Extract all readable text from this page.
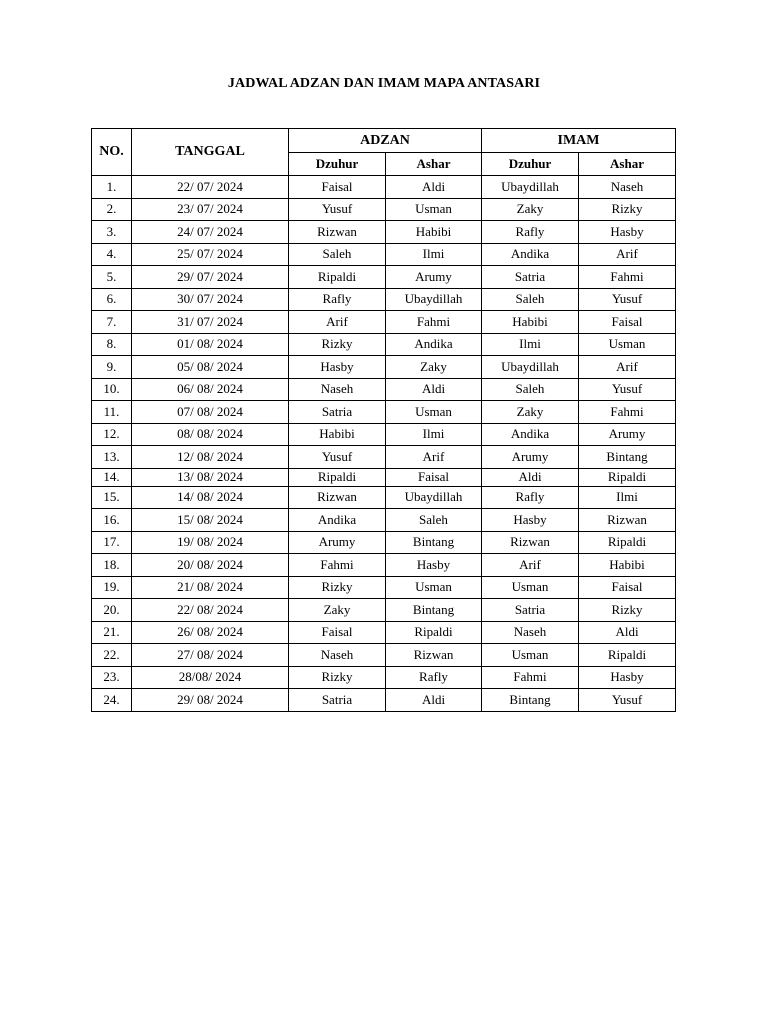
JADWAL ADZAN DAN IMAM MAPA ANTASARI
NO.	TANGGAL	ADZAN		IMAM	
		Dzuhur	Ashar	Dzuhur	Ashar
1.	22/ 07/ 2024	Faisal	Aldi	Ubaydillah	Naseh
2.	23/ 07/ 2024	Yusuf	Usman	Zaky	Rizky
3.	24/ 07/ 2024	Rizwan	Habibi	Rafly	Hasby
4.	25/ 07/ 2024	Saleh	Ilmi	Andika	Arif
5.	29/ 07/ 2024	Ripaldi	Arumy	Satria	Fahmi
6.	30/ 07/ 2024	Rafly	Ubaydillah	Saleh	Yusuf
7.	31/ 07/ 2024	Arif	Fahmi	Habibi	Faisal
8.	01/ 08/ 2024	Rizky	Andika	Ilmi	Usman
9.	05/ 08/ 2024	Hasby	Zaky	Ubaydillah	Arif
10.	06/ 08/ 2024	Naseh	Aldi	Saleh	Yusuf
11.	07/ 08/ 2024	Satria	Usman	Zaky	Fahmi
12.	08/ 08/ 2024	Habibi	Ilmi	Andika	Arumy
13.	12/ 08/ 2024	Yusuf	Arif	Arumy	Bintang
14.	13/ 08/ 2024	Ripaldi	Faisal	Aldi	Ripaldi
15.	14/ 08/ 2024	Rizwan	Ubaydillah	Rafly	Ilmi
16.	15/ 08/ 2024	Andika	Saleh	Hasby	Rizwan
17.	19/ 08/ 2024	Arumy	Bintang	Rizwan	Ripaldi
18.	20/ 08/ 2024	Fahmi	Hasby	Arif	Habibi
19.	21/ 08/ 2024	Rizky	Usman	Usman	Faisal
20.	22/ 08/ 2024	Zaky	Bintang	Satria	Rizky
21.	26/ 08/ 2024	Faisal	Ripaldi	Naseh	Aldi
22.	27/ 08/ 2024	Naseh	Rizwan	Usman	Ripaldi
23.	28/08/ 2024	Rizky	Rafly	Fahmi	Hasby
24.	29/ 08/ 2024	Satria	Aldi	Bintang	Yusuf
